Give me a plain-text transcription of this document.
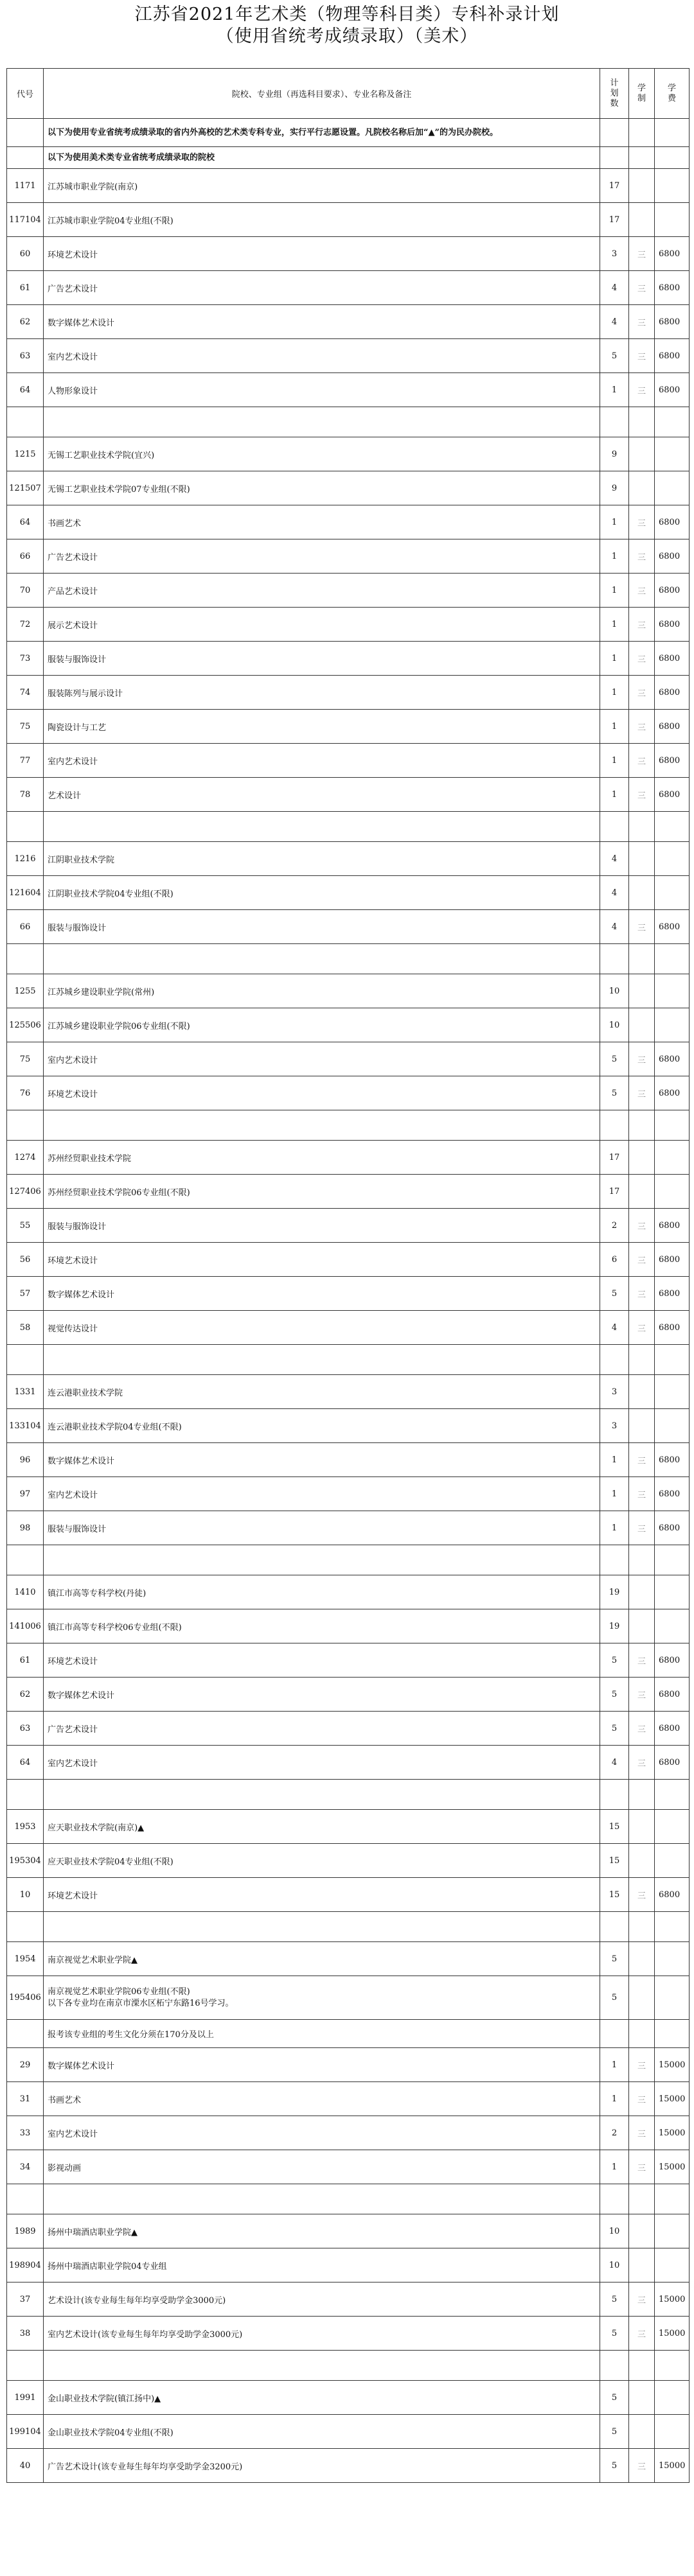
江苏省2021年艺术类（物理等科目类）专科补录计划
（使用省统考成绩录取）（美术）
代号	院校、专业组（再选科目要求）、专业名称及备注	计划数	学制	学费
	以下为使用专业省统考成绩录取的省内外高校的艺术类专科专业，实行平行志愿设置。凡院校名称后加“▲”的为民办院校。			
	以下为使用美术类专业省统考成绩录取的院校			
1171	江苏城市职业学院(南京)	17		
117104	江苏城市职业学院04专业组(不限)	17		
60	环境艺术设计	3	三	6800
61	广告艺术设计	4	三	6800
62	数字媒体艺术设计	4	三	6800
63	室内艺术设计	5	三	6800
64	人物形象设计	1	三	6800

1215	无锡工艺职业技术学院(宜兴)	9		
121507	无锡工艺职业技术学院07专业组(不限)	9		
64	书画艺术	1	三	6800
66	广告艺术设计	1	三	6800
70	产品艺术设计	1	三	6800
72	展示艺术设计	1	三	6800
73	服装与服饰设计	1	三	6800
74	服装陈列与展示设计	1	三	6800
75	陶瓷设计与工艺	1	三	6800
77	室内艺术设计	1	三	6800
78	艺术设计	1	三	6800

1216	江阴职业技术学院	4		
121604	江阴职业技术学院04专业组(不限)	4		
66	服装与服饰设计	4	三	6800

1255	江苏城乡建设职业学院(常州)	10		
125506	江苏城乡建设职业学院06专业组(不限)	10		
75	室内艺术设计	5	三	6800
76	环境艺术设计	5	三	6800

1274	苏州经贸职业技术学院	17		
127406	苏州经贸职业技术学院06专业组(不限)	17		
55	服装与服饰设计	2	三	6800
56	环境艺术设计	6	三	6800
57	数字媒体艺术设计	5	三	6800
58	视觉传达设计	4	三	6800

1331	连云港职业技术学院	3		
133104	连云港职业技术学院04专业组(不限)	3		
96	数字媒体艺术设计	1	三	6800
97	室内艺术设计	1	三	6800
98	服装与服饰设计	1	三	6800

1410	镇江市高等专科学校(丹徒)	19		
141006	镇江市高等专科学校06专业组(不限)	19		
61	环境艺术设计	5	三	6800
62	数字媒体艺术设计	5	三	6800
63	广告艺术设计	5	三	6800
64	室内艺术设计	4	三	6800

1953	应天职业技术学院(南京)▲	15		
195304	应天职业技术学院04专业组(不限)	15		
10	环境艺术设计	15	三	6800

1954	南京视觉艺术职业学院▲	5		
195406	南京视觉艺术职业学院06专业组(不限)
以下各专业均在南京市溧水区柘宁东路16号学习。	5		
	报考该专业组的考生文化分须在170分及以上			
29	数字媒体艺术设计	1	三	15000
31	书画艺术	1	三	15000
33	室内艺术设计	2	三	15000
34	影视动画	1	三	15000

1989	扬州中瑞酒店职业学院▲	10		
198904	扬州中瑞酒店职业学院04专业组	10		
37	艺术设计(该专业每生每年均享受助学金3000元)	5	三	15000
38	室内艺术设计(该专业每生每年均享受助学金3000元)	5	三	15000

1991	金山职业技术学院(镇江扬中)▲	5		
199104	金山职业技术学院04专业组(不限)	5		
40	广告艺术设计(该专业每生每年均享受助学金3200元)	5	三	15000
